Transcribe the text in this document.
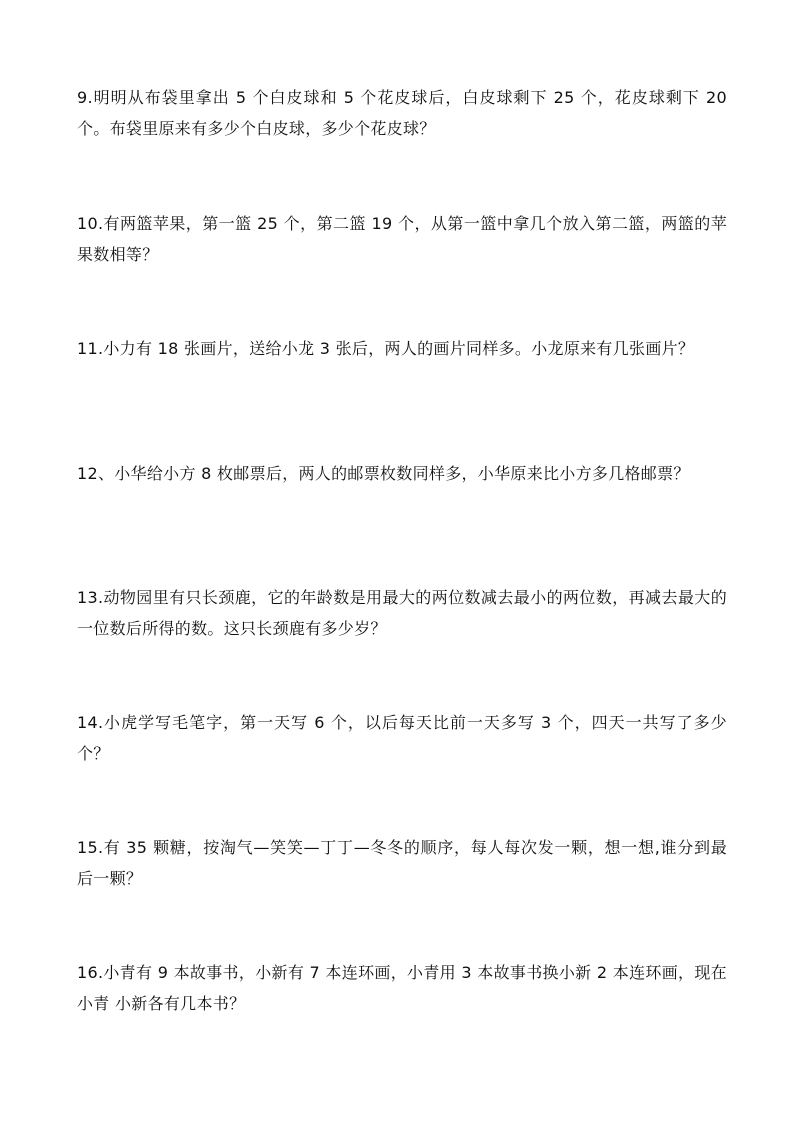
9.明明从布袋里拿出 5 个白皮球和 5 个花皮球后，白皮球剩下 25 个，花皮球剩下 20 个。布袋里原来有多少个白皮球，多少个花皮球？

10.有两篮苹果，第一篮 25 个，第二篮 19 个，从第一篮中拿几个放入第二篮，两篮的苹果数相等？

11.小力有 18 张画片，送给小龙 3 张后，两人的画片同样多。小龙原来有几张画片？

12、小华给小方 8 枚邮票后，两人的邮票枚数同样多，小华原来比小方多几格邮票？

13.动物园里有只长颈鹿，它的年龄数是用最大的两位数减去最小的两位数，再减去最大的一位数后所得的数。这只长颈鹿有多少岁？

14.小虎学写毛笔字，第一天写 6 个，以后每天比前一天多写 3 个，四天一共写了多少个？

15.有 35 颗糖，按淘气—笑笑—丁丁—冬冬的顺序，每人每次发一颗，想一想,谁分到最后一颗？

16.小青有 9 本故事书，小新有 7 本连环画，小青用 3 本故事书换小新 2 本连环画，现在小青 小新各有几本书？
